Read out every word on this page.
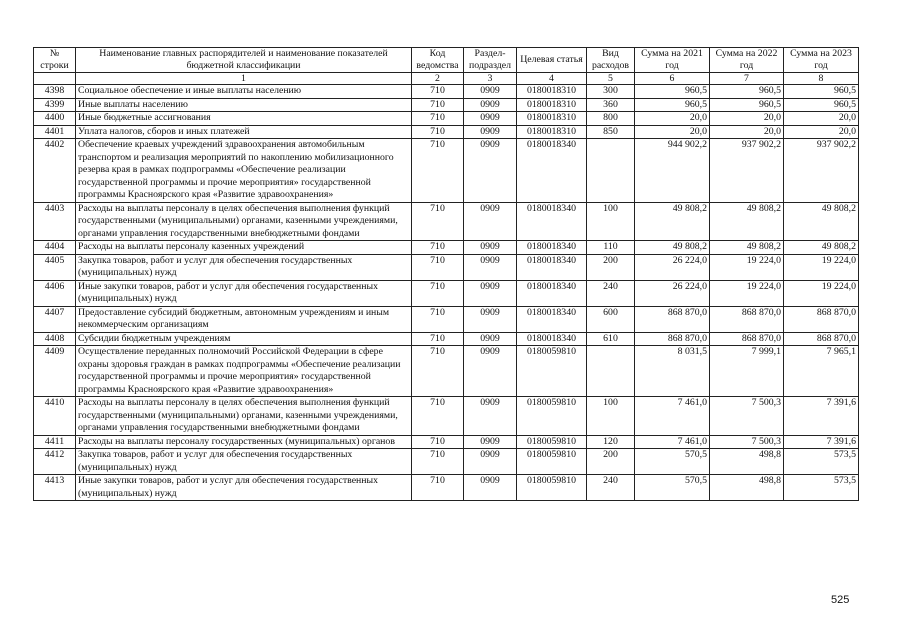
№ строки	Наименование главных распорядителей и наименование показателей бюджетной классификации	Код ведомства	Раздел-подраздел	Целевая статья	Вид расходов	Сумма на 2021 год	Сумма на 2022 год	Сумма на 2023 год
	1	2	3	4	5	6	7	8
4398	Социальное обеспечение и иные выплаты населению	710	0909	0180018310	300	960,5	960,5	960,5
4399	Иные выплаты населению	710	0909	0180018310	360	960,5	960,5	960,5
4400	Иные бюджетные ассигнования	710	0909	0180018310	800	20,0	20,0	20,0
4401	Уплата налогов, сборов и иных платежей	710	0909	0180018310	850	20,0	20,0	20,0
4402	Обеспечение краевых учреждений здравоохранения автомобильным транспортом и реализация мероприятий по накоплению мобилизационного резерва края в рамках подпрограммы «Обеспечение реализации государственной программы и прочие мероприятия» государственной программы Красноярского края «Развитие здравоохранения»	710	0909	0180018340		944 902,2	937 902,2	937 902,2
4403	Расходы на выплаты персоналу в целях обеспечения выполнения функций государственными (муниципальными) органами, казенными учреждениями, органами управления государственными внебюджетными фондами	710	0909	0180018340	100	49 808,2	49 808,2	49 808,2
4404	Расходы на выплаты персоналу казенных учреждений	710	0909	0180018340	110	49 808,2	49 808,2	49 808,2
4405	Закупка товаров, работ и услуг для обеспечения государственных (муниципальных) нужд	710	0909	0180018340	200	26 224,0	19 224,0	19 224,0
4406	Иные закупки товаров, работ и услуг для обеспечения государственных (муниципальных) нужд	710	0909	0180018340	240	26 224,0	19 224,0	19 224,0
4407	Предоставление субсидий бюджетным, автономным учреждениям и иным некоммерческим организациям	710	0909	0180018340	600	868 870,0	868 870,0	868 870,0
4408	Субсидии бюджетным учреждениям	710	0909	0180018340	610	868 870,0	868 870,0	868 870,0
4409	Осуществление переданных полномочий Российской Федерации в сфере охраны здоровья граждан в рамках подпрограммы «Обеспечение реализации государственной программы и прочие мероприятия» государственной программы Красноярского края «Развитие здравоохранения»	710	0909	0180059810		8 031,5	7 999,1	7 965,1
4410	Расходы на выплаты персоналу в целях обеспечения выполнения функций государственными (муниципальными) органами, казенными учреждениями, органами управления государственными внебюджетными фондами	710	0909	0180059810	100	7 461,0	7 500,3	7 391,6
4411	Расходы на выплаты персоналу государственных (муниципальных) органов	710	0909	0180059810	120	7 461,0	7 500,3	7 391,6
4412	Закупка товаров, работ и услуг для обеспечения государственных (муниципальных) нужд	710	0909	0180059810	200	570,5	498,8	573,5
4413	Иные закупки товаров, работ и услуг для обеспечения государственных (муниципальных) нужд	710	0909	0180059810	240	570,5	498,8	573,5
525
